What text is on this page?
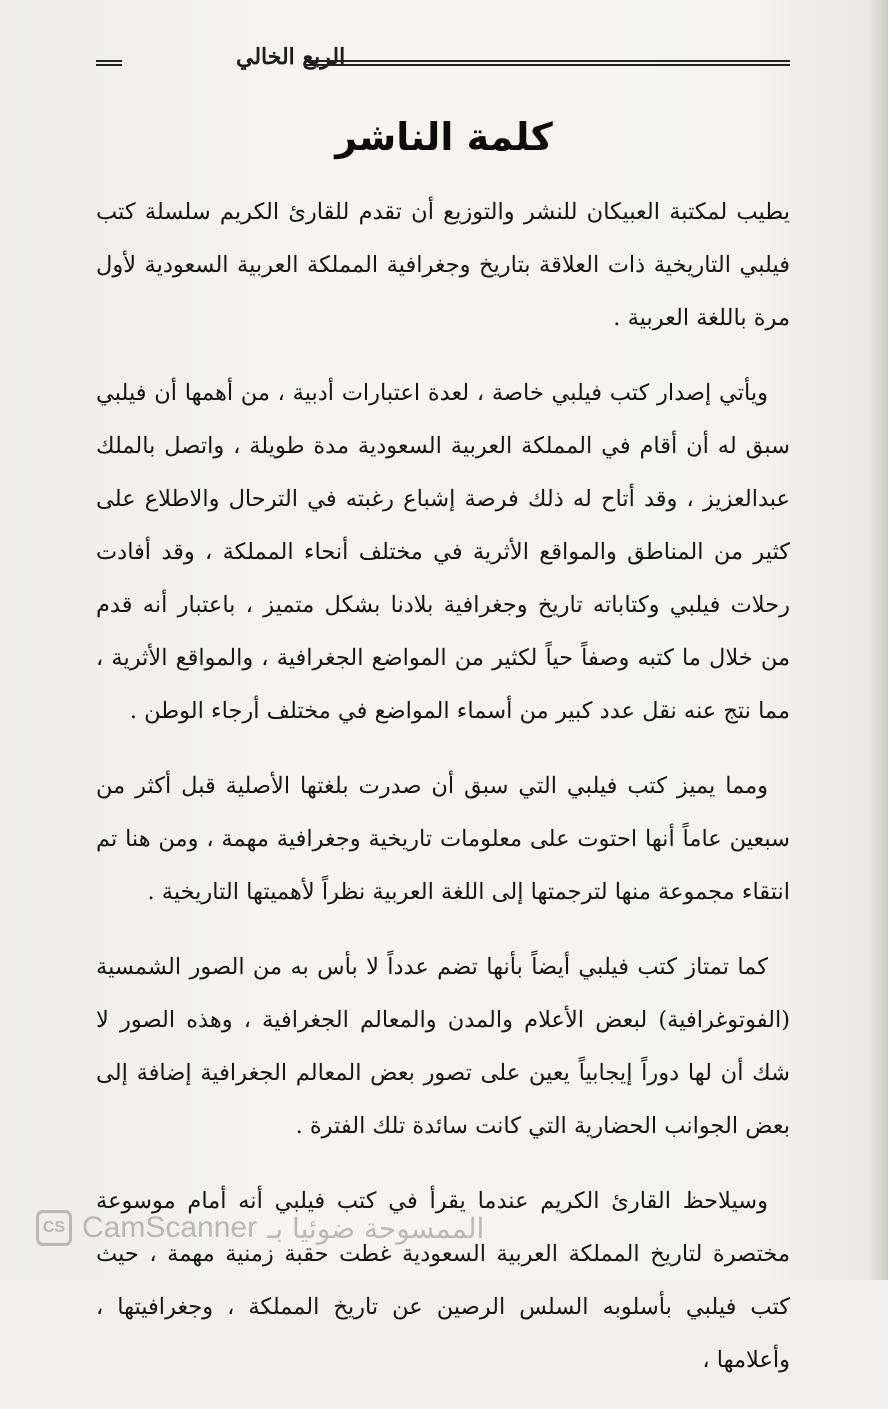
الربع الخالي
كلمة الناشر

يطيب لمكتبة العبيكان للنشر والتوزيع أن تقدم للقارئ الكريم سلسلة كتب فيلبي التاريخية ذات العلاقة بتاريخ وجغرافية المملكة العربية السعودية لأول مرة باللغة العربية .

ويأتي إصدار كتب فيلبي خاصة ، لعدة اعتبارات أدبية ، من أهمها أن فيلبي سبق له أن أقام في المملكة العربية السعودية مدة طويلة ، واتصل بالملك عبدالعزيز ، وقد أتاح له ذلك فرصة إشباع رغبته في الترحال والاطلاع على كثير من المناطق والمواقع الأثرية في مختلف أنحاء المملكة ، وقد أفادت رحلات فيلبي وكتاباته تاريخ وجغرافية بلادنا بشكل متميز ، باعتبار أنه قدم من خلال ما كتبه وصفاً حياً لكثير من المواضع الجغرافية ، والمواقع الأثرية ، مما نتج عنه نقل عدد كبير من أسماء المواضع في مختلف أرجاء الوطن .

ومما يميز كتب فيلبي التي سبق أن صدرت بلغتها الأصلية قبل أكثر من سبعين عاماً أنها احتوت على معلومات تاريخية وجغرافية مهمة ، ومن هنا تم انتقاء مجموعة منها لترجمتها إلى اللغة العربية نظراً لأهميتها التاريخية .

كما تمتاز كتب فيلبي أيضاً بأنها تضم عدداً لا بأس به من الصور الشمسية (الفوتوغرافية) لبعض الأعلام والمدن والمعالم الجغرافية ، وهذه الصور لا شك أن لها دوراً إيجابياً يعين على تصور بعض المعالم الجغرافية إضافة إلى بعض الجوانب الحضارية التي كانت سائدة تلك الفترة .

وسيلاحظ القارئ الكريم عندما يقرأ في كتب فيلبي أنه أمام موسوعة مختصرة لتاريخ المملكة العربية السعودية غطت حقبة زمنية مهمة ، حيث كتب فيلبي بأسلوبه السلس الرصين عن تاريخ المملكة ، وجغرافيتها ، وأعلامها ،

CS CamScanner الممسوحة ضوئيا بـ
